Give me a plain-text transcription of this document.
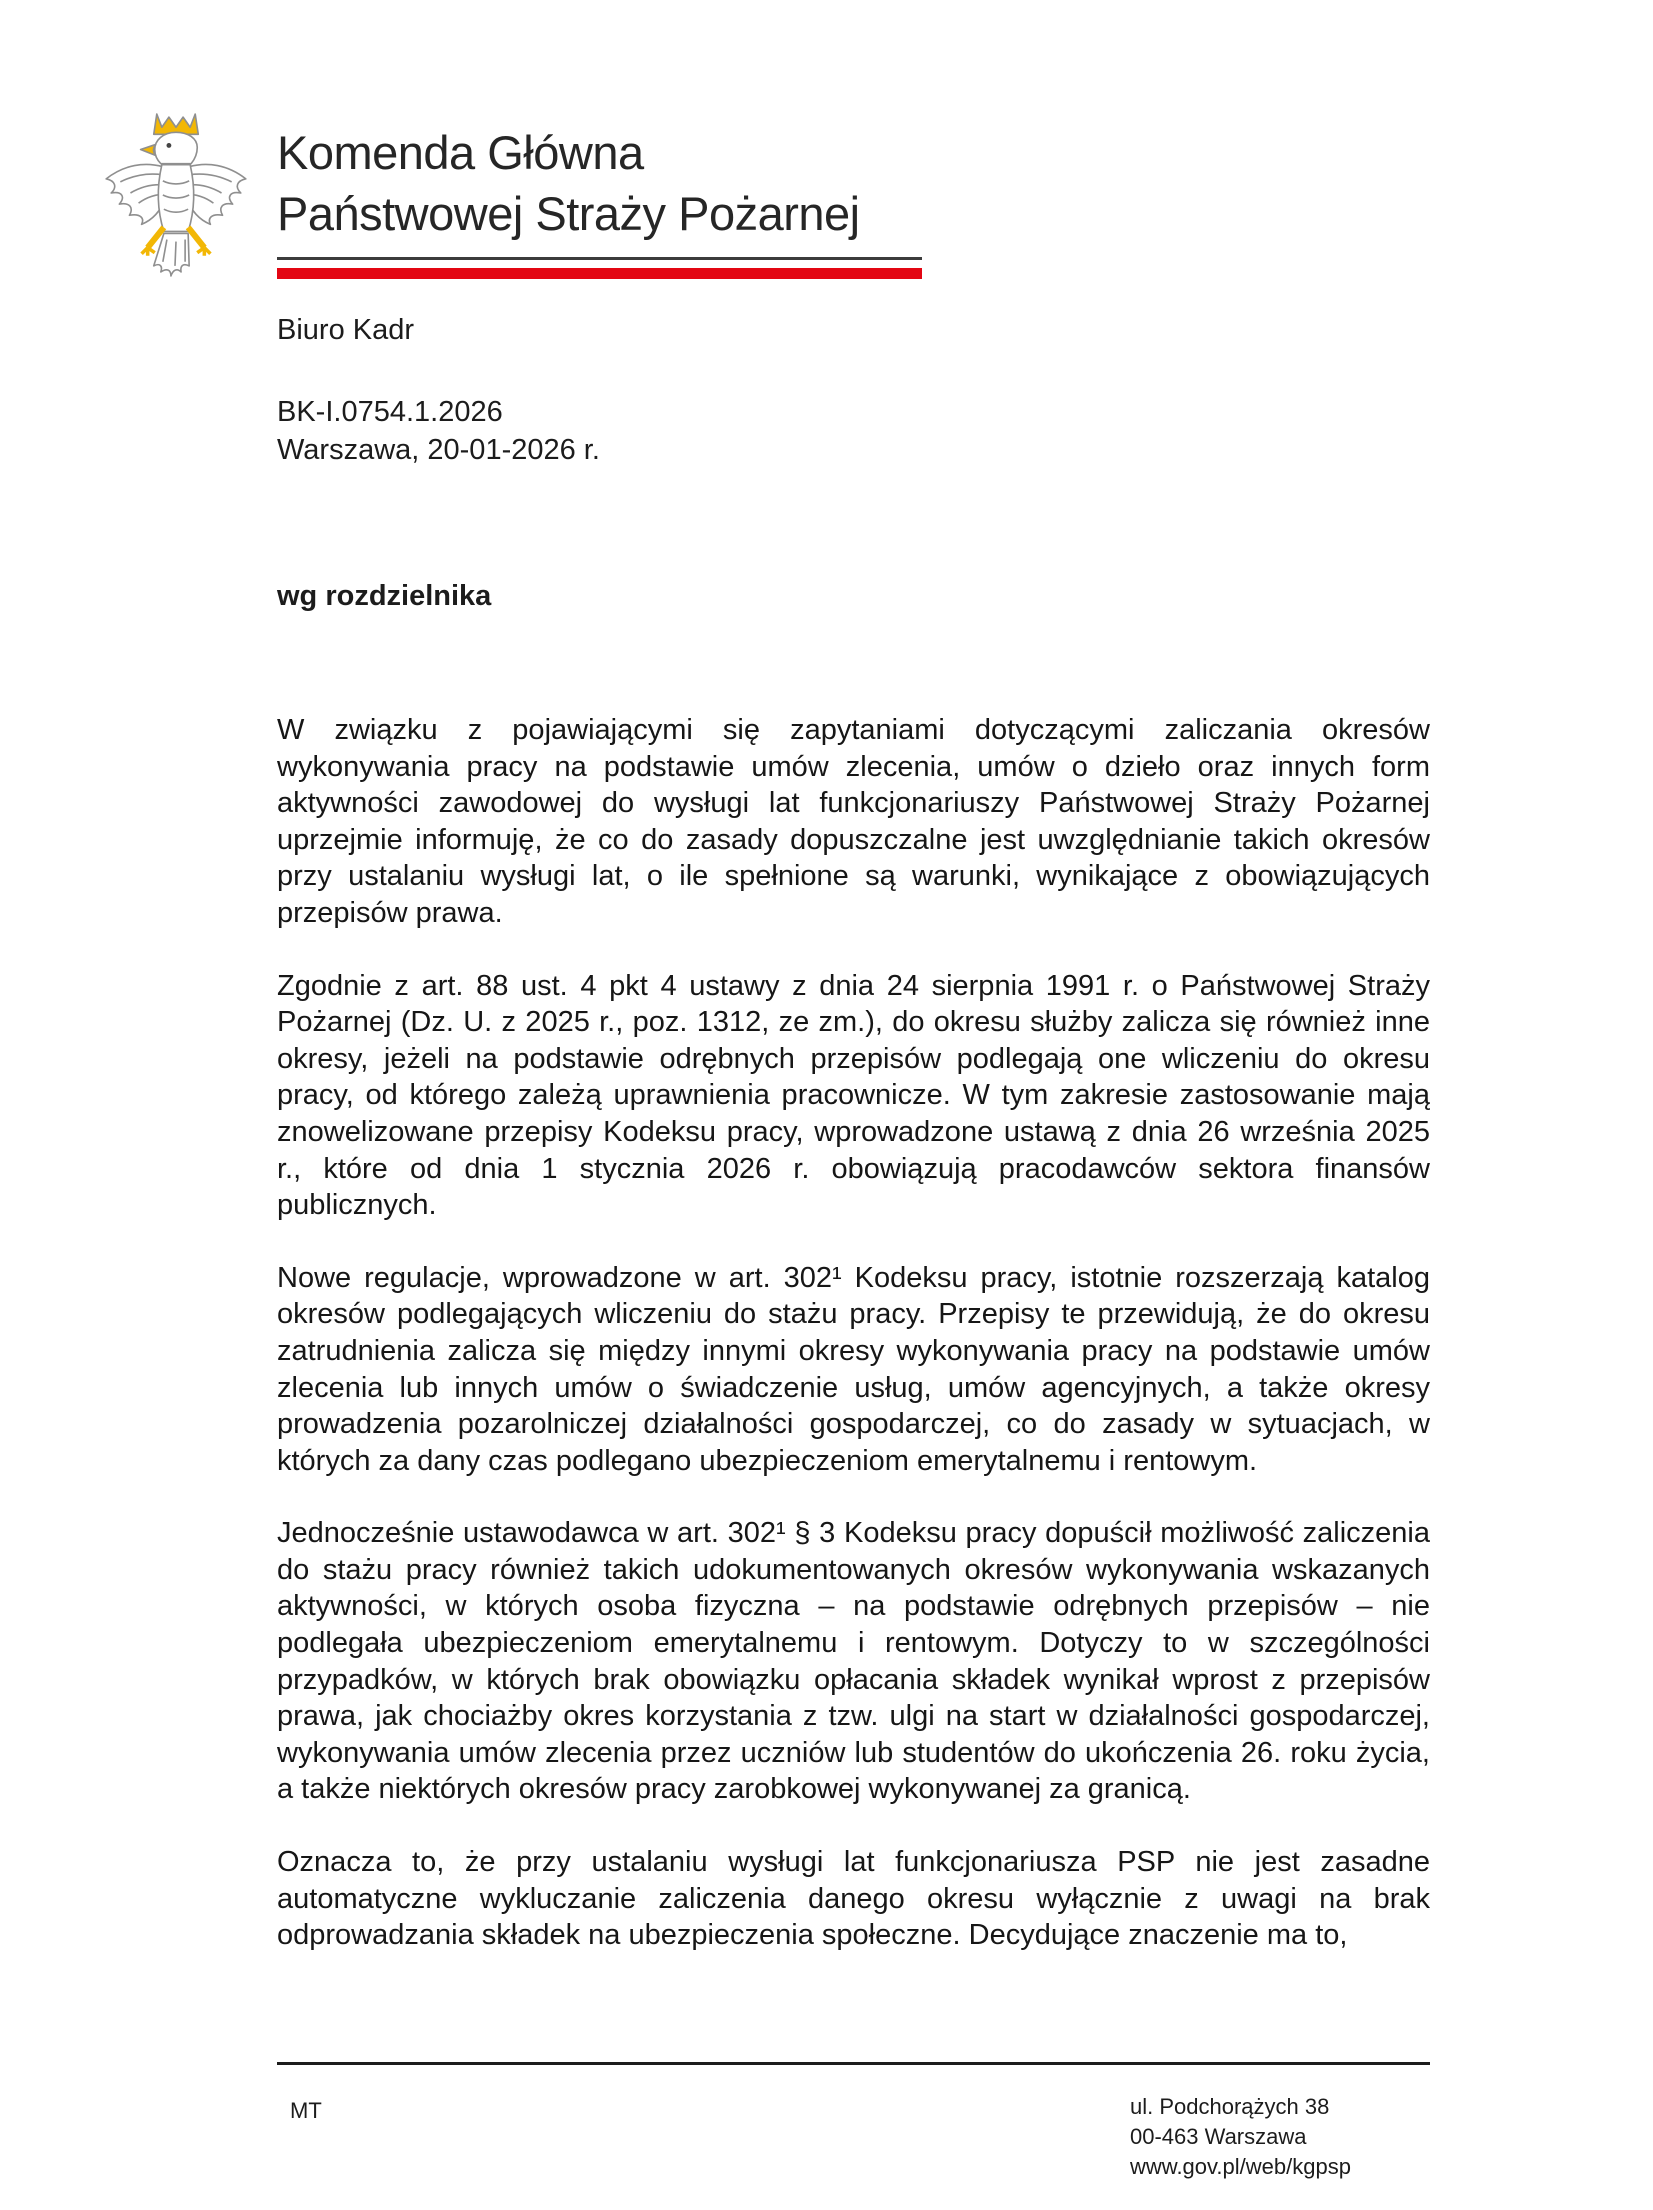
Komenda Główna
Państwowej Straży Pożarnej
Biuro Kadr
BK-I.0754.1.2026
Warszawa, 20-01-2026 r.
wg rozdzielnika

W związku z pojawiającymi się zapytaniami dotyczącymi zaliczania okresów wykonywania pracy na podstawie umów zlecenia, umów o dzieło oraz innych form aktywności zawodowej do wysługi lat funkcjonariuszy Państwowej Straży Pożarnej uprzejmie informuję, że co do zasady dopuszczalne jest uwzględnianie takich okresów przy ustalaniu wysługi lat, o ile spełnione są warunki, wynikające z obowiązujących przepisów prawa.

Zgodnie z art. 88 ust. 4 pkt 4 ustawy z dnia 24 sierpnia 1991 r. o Państwowej Straży Pożarnej (Dz. U. z 2025 r., poz. 1312, ze zm.), do okresu służby zalicza się również inne okresy, jeżeli na podstawie odrębnych przepisów podlegają one wliczeniu do okresu pracy, od którego zależą uprawnienia pracownicze. W tym zakresie zastosowanie mają znowelizowane przepisy Kodeksu pracy, wprowadzone ustawą z dnia 26 września 2025 r., które od dnia 1 stycznia 2026 r. obowiązują pracodawców sektora finansów publicznych.

Nowe regulacje, wprowadzone w art. 302¹ Kodeksu pracy, istotnie rozszerzają katalog okresów podlegających wliczeniu do stażu pracy. Przepisy te przewidują, że do okresu zatrudnienia zalicza się między innymi okresy wykonywania pracy na podstawie umów zlecenia lub innych umów o świadczenie usług, umów agencyjnych, a także okresy prowadzenia pozarolniczej działalności gospodarczej, co do zasady w sytuacjach, w których za dany czas podlegano ubezpieczeniom emerytalnemu i rentowym.

Jednocześnie ustawodawca w art. 302¹ § 3 Kodeksu pracy dopuścił możliwość zaliczenia do stażu pracy również takich udokumentowanych okresów wykonywania wskazanych aktywności, w których osoba fizyczna – na podstawie odrębnych przepisów – nie podlegała ubezpieczeniom emerytalnemu i rentowym. Dotyczy to w szczególności przypadków, w których brak obowiązku opłacania składek wynikał wprost z przepisów prawa, jak chociażby okres korzystania z tzw. ulgi na start w działalności gospodarczej, wykonywania umów zlecenia przez uczniów lub studentów do ukończenia 26. roku życia, a także niektórych okresów pracy zarobkowej wykonywanej za granicą.

Oznacza to, że przy ustalaniu wysługi lat funkcjonariusza PSP nie jest zasadne automatyczne wykluczanie zaliczenia danego okresu wyłącznie z uwagi na brak odprowadzania składek na ubezpieczenia społeczne. Decydujące znaczenie ma to,

MT	ul. Podchorążych 38
00-463 Warszawa
www.gov.pl/web/kgpsp
